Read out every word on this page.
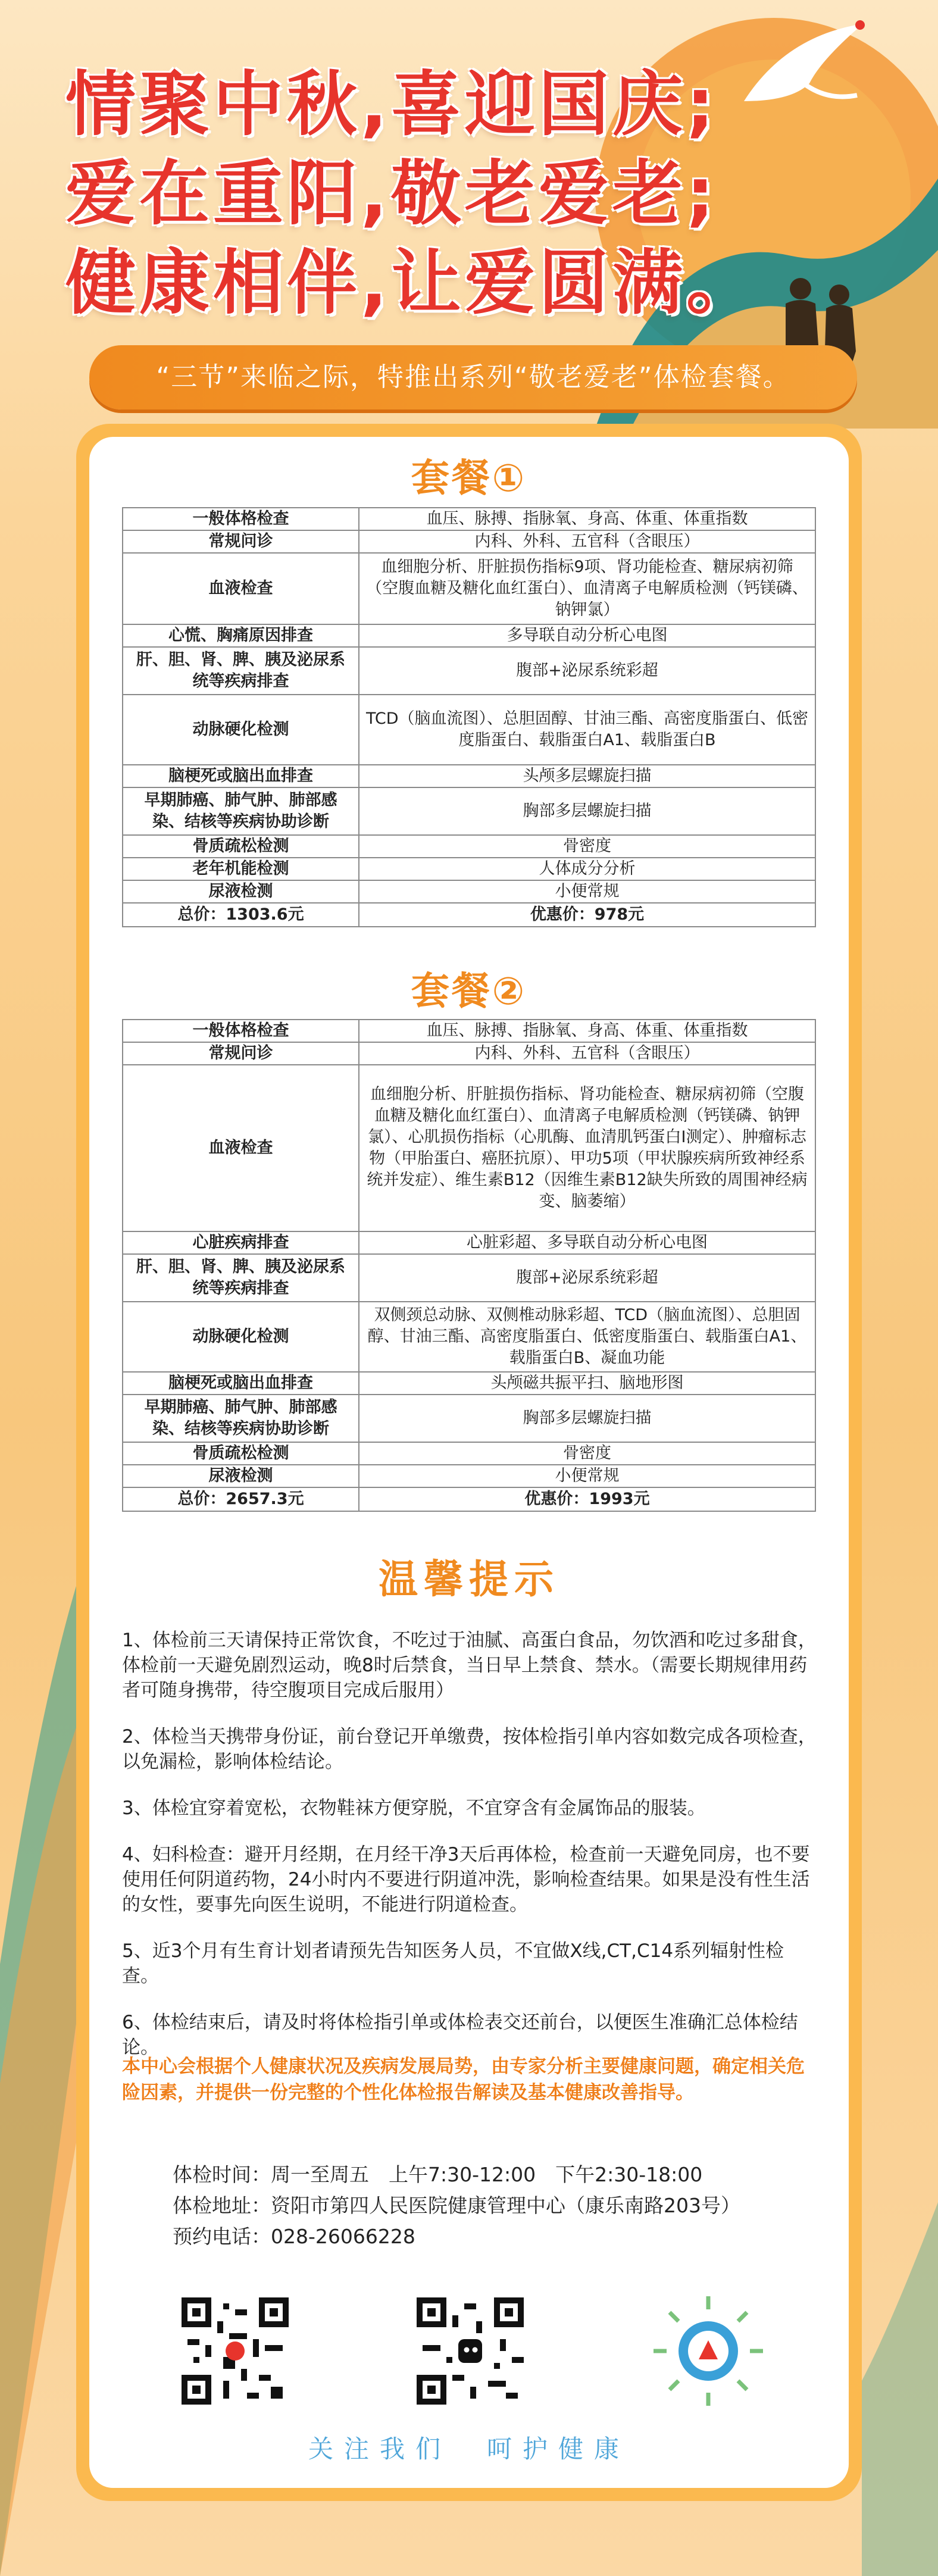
情聚中秋,喜迎国庆;
爱在重阳,敬老爱老;
健康相伴,让爱圆满。
“三节”来临之际，特推出系列“敬老爱老”体检套餐。
套餐①
一般体格检查	血压、脉搏、指脉氧、身高、体重、体重指数
常规问诊	内科、外科、五官科（含眼压）
血液检查	血细胞分析、肝脏损伤指标9项、肾功能检查、糖尿病初筛（空腹血糖及糖化血红蛋白）、血清离子电解质检测（钙镁磷、钠钾氯）
心慌、胸痛原因排查	多导联自动分析心电图
肝、胆、肾、脾、胰及泌尿系统等疾病排查	腹部+泌尿系统彩超
动脉硬化检测	TCD（脑血流图）、总胆固醇、甘油三酯、高密度脂蛋白、低密度脂蛋白、载脂蛋白A1、载脂蛋白B
脑梗死或脑出血排查	头颅多层螺旋扫描
早期肺癌、肺气肿、肺部感染、结核等疾病协助诊断	胸部多层螺旋扫描
骨质疏松检测	骨密度
老年机能检测	人体成分分析
尿液检测	小便常规
总价：1303.6元	优惠价：978元
套餐②
一般体格检查	血压、脉搏、指脉氧、身高、体重、体重指数
常规问诊	内科、外科、五官科（含眼压）
血液检查	血细胞分析、肝脏损伤指标、肾功能检查、糖尿病初筛（空腹血糖及糖化血红蛋白）、血清离子电解质检测（钙镁磷、钠钾氯）、心肌损伤指标（心肌酶、血清肌钙蛋白I测定）、肿瘤标志物（甲胎蛋白、癌胚抗原）、甲功5项（甲状腺疾病所致神经系统并发症）、维生素B12（因维生素B12缺失所致的周围神经病变、脑萎缩）
心脏疾病排查	心脏彩超、多导联自动分析心电图
肝、胆、肾、脾、胰及泌尿系统等疾病排查	腹部+泌尿系统彩超
动脉硬化检测	双侧颈总动脉、双侧椎动脉彩超、TCD（脑血流图）、总胆固醇、甘油三酯、高密度脂蛋白、低密度脂蛋白、载脂蛋白A1、载脂蛋白B、凝血功能
脑梗死或脑出血排查	头颅磁共振平扫、脑地形图
早期肺癌、肺气肿、肺部感染、结核等疾病协助诊断	胸部多层螺旋扫描
骨质疏松检测	骨密度
尿液检测	小便常规
总价：2657.3元	优惠价：1993元
温馨提示

1、体检前三天请保持正常饮食，不吃过于油腻、高蛋白食品，勿饮酒和吃过多甜食，体检前一天避免剧烈运动，晚8时后禁食，当日早上禁食、禁水。（需要长期规律用药者可随身携带，待空腹项目完成后服用）

2、体检当天携带身份证，前台登记开单缴费，按体检指引单内容如数完成各项检查，以免漏检，影响体检结论。

3、体检宜穿着宽松，衣物鞋袜方便穿脱，不宜穿含有金属饰品的服装。

4、妇科检查：避开月经期，在月经干净3天后再体检，检查前一天避免同房，也不要使用任何阴道药物，24小时内不要进行阴道冲洗，影响检查结果。如果是没有性生活的女性，要事先向医生说明，不能进行阴道检查。

5、近3个月有生育计划者请预先告知医务人员，不宜做X线,CT,C14系列辐射性检查。

6、体检结束后，请及时将体检指引单或体检表交还前台，以便医生准确汇总体检结论。

本中心会根据个人健康状况及疾病发展局势，由专家分析主要健康问题，确定相关危险因素，并提供一份完整的个性化体检报告解读及基本健康改善指导。
体检时间：周一至周五　上午7:30-12:00　下午2:30-18:00
体检地址：资阳市第四人民医院健康管理中心（康乐南路203号）
预约电话：028-26066228
关注我们　呵护健康
